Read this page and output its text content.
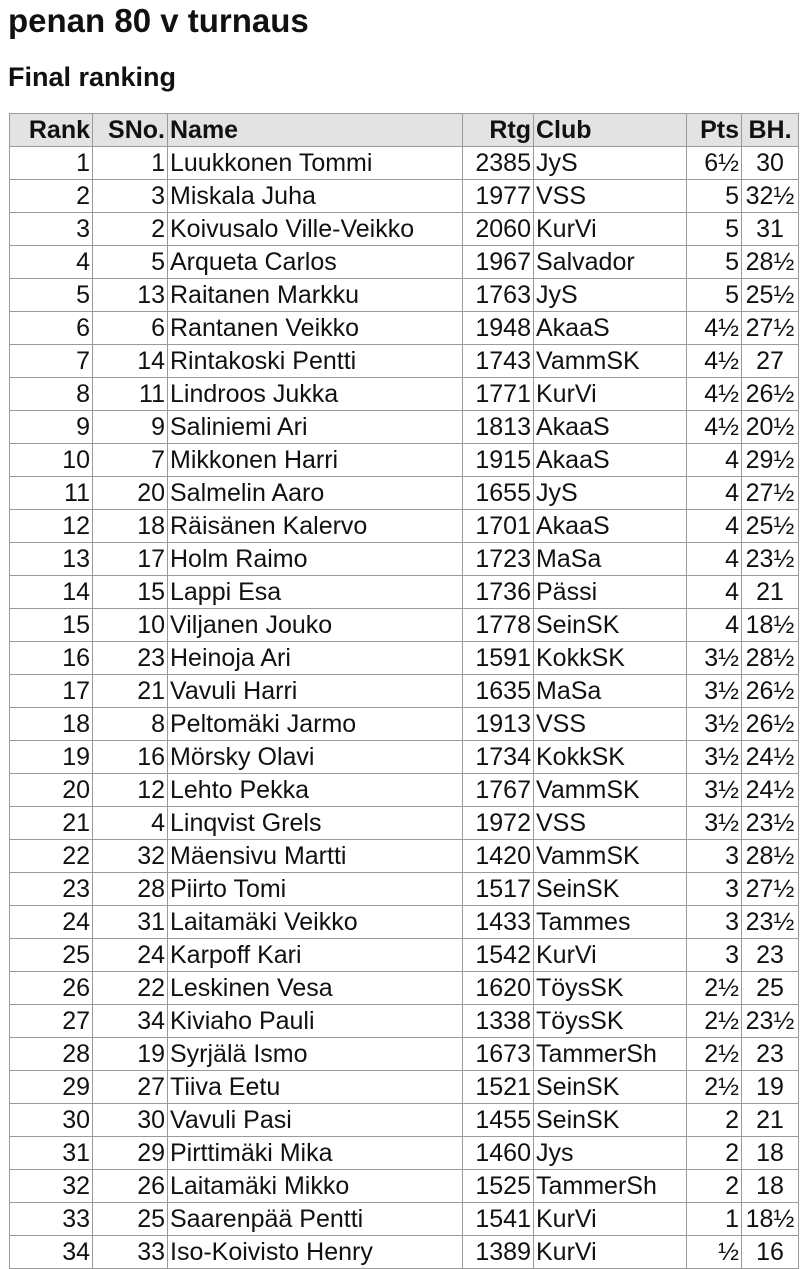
penan 80 v turnaus
Final ranking
Rank	SNo.	Name	Rtg	Club	Pts	BH.
1	1	Luukkonen Tommi	2385	JyS	6½	30
2	3	Miskala Juha	1977	VSS	5	32½
3	2	Koivusalo Ville-Veikko	2060	KurVi	5	31
4	5	Arqueta Carlos	1967	Salvador	5	28½
5	13	Raitanen Markku	1763	JyS	5	25½
6	6	Rantanen Veikko	1948	AkaaS	4½	27½
7	14	Rintakoski Pentti	1743	VammSK	4½	27
8	11	Lindroos Jukka	1771	KurVi	4½	26½
9	9	Saliniemi Ari	1813	AkaaS	4½	20½
10	7	Mikkonen Harri	1915	AkaaS	4	29½
11	20	Salmelin Aaro	1655	JyS	4	27½
12	18	Räisänen Kalervo	1701	AkaaS	4	25½
13	17	Holm Raimo	1723	MaSa	4	23½
14	15	Lappi Esa	1736	Pässi	4	21
15	10	Viljanen Jouko	1778	SeinSK	4	18½
16	23	Heinoja Ari	1591	KokkSK	3½	28½
17	21	Vavuli Harri	1635	MaSa	3½	26½
18	8	Peltomäki Jarmo	1913	VSS	3½	26½
19	16	Mörsky Olavi	1734	KokkSK	3½	24½
20	12	Lehto Pekka	1767	VammSK	3½	24½
21	4	Linqvist Grels	1972	VSS	3½	23½
22	32	Mäensivu Martti	1420	VammSK	3	28½
23	28	Piirto Tomi	1517	SeinSK	3	27½
24	31	Laitamäki Veikko	1433	Tammes	3	23½
25	24	Karpoff Kari	1542	KurVi	3	23
26	22	Leskinen Vesa	1620	TöysSK	2½	25
27	34	Kiviaho Pauli	1338	TöysSK	2½	23½
28	19	Syrjälä Ismo	1673	TammerSh	2½	23
29	27	Tiiva Eetu	1521	SeinSK	2½	19
30	30	Vavuli Pasi	1455	SeinSK	2	21
31	29	Pirttimäki Mika	1460	Jys	2	18
32	26	Laitamäki Mikko	1525	TammerSh	2	18
33	25	Saarenpää Pentti	1541	KurVi	1	18½
34	33	Iso-Koivisto Henry	1389	KurVi	½	16
